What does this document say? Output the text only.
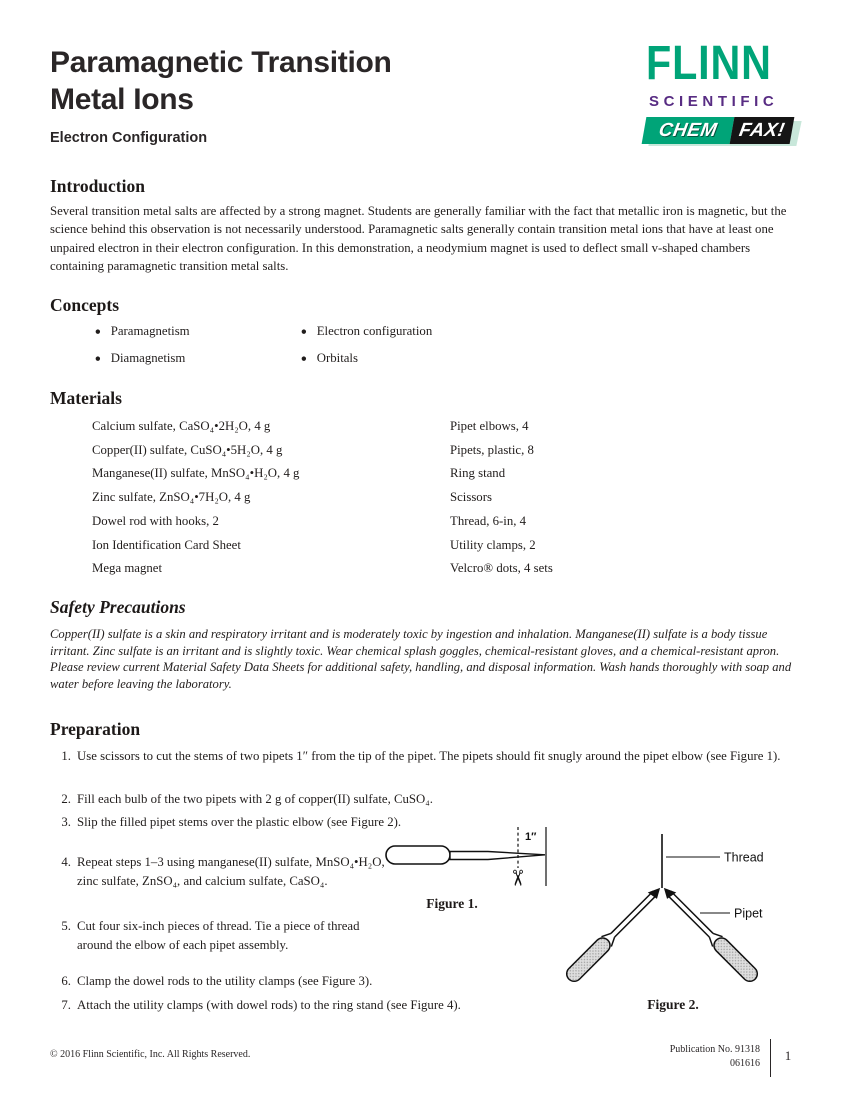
Paramagnetic Transition
Metal Ions
Electron Configuration
FLINN
SCIENTIFIC
CHEM FAX!
Introduction
Several transition metal salts are affected by a strong magnet. Students are generally familiar with the fact that metallic iron is magnetic, but the science behind this observation is not necessarily understood. Paramagnetic salts generally contain transition metal ions that have at least one unpaired electron in their electron configuration. In this demonstration, a neodymium magnet is used to deflect small v-shaped chambers containing paramagnetic transition metal salts.
Concepts
● Paramagnetism
● Diamagnetism
● Electron configuration
● Orbitals
Materials
Calcium sulfate, CaSO₄•2H₂O, 4 g
Copper(II) sulfate, CuSO₄•5H₂O, 4 g
Manganese(II) sulfate, MnSO₄•H₂O, 4 g
Zinc sulfate, ZnSO₄•7H₂O, 4 g
Dowel rod with hooks, 2
Ion Identification Card Sheet
Mega magnet
Pipet elbows, 4
Pipets, plastic, 8
Ring stand
Scissors
Thread, 6-in, 4
Utility clamps, 2
Velcro® dots, 4 sets
Safety Precautions
Copper(II) sulfate is a skin and respiratory irritant and is moderately toxic by ingestion and inhalation. Manganese(II) sulfate is a body tissue irritant. Zinc sulfate is an irritant and is slightly toxic. Wear chemical splash goggles, chemical-resistant gloves, and a chemical-resistant apron. Please review current Material Safety Data Sheets for additional safety, handling, and disposal information. Wash hands thoroughly with soap and water before leaving the laboratory.
Preparation
1. Use scissors to cut the stems of two pipets 1″ from the tip of the pipet. The pipets should fit snugly around the pipet elbow (see Figure 1).
2. Fill each bulb of the two pipets with 2 g of copper(II) sulfate, CuSO₄.
3. Slip the filled pipet stems over the plastic elbow (see Figure 2).
4. Repeat steps 1–3 using manganese(II) sulfate, MnSO₄•H₂O, zinc sulfate, ZnSO₄, and calcium sulfate, CaSO₄.
5. Cut four six-inch pieces of thread. Tie a piece of thread around the elbow of each pipet assembly.
6. Clamp the dowel rods to the utility clamps (see Figure 3).
7. Attach the utility clamps (with dowel rods) to the ring stand (see Figure 4).
1″
✂
Figure 1.
Thread
Pipet
Figure 2.
© 2016 Flinn Scientific, Inc. All Rights Reserved.	Publication No. 91318
061616	1
